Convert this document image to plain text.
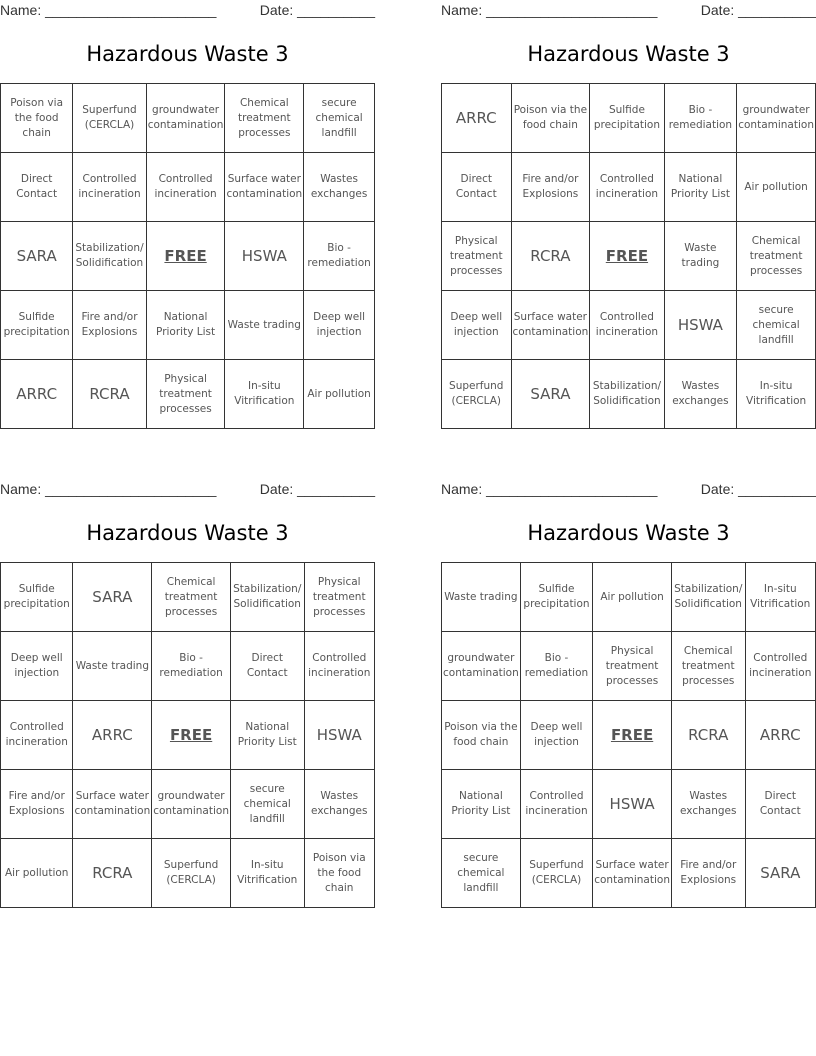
Name: ______________________	Date: __________
Hazardous Waste 3
Poison via the food chain	Superfund (CERCLA)	groundwater contamination	Chemical treatment processes	secure chemical landfill
Direct Contact	Controlled incineration	Controlled incineration	Surface water contamination	Wastes exchanges
SARA	Stabilization/ Solidification	FREE	HSWA	Bio - remediation
Sulfide precipitation	Fire and/or Explosions	National Priority List	Waste trading	Deep well injection
ARRC	RCRA	Physical treatment processes	In-situ Vitrification	Air pollution
Name: ______________________	Date: __________
Hazardous Waste 3
ARRC	Poison via the food chain	Sulfide precipitation	Bio - remediation	groundwater contamination
Direct Contact	Fire and/or Explosions	Controlled incineration	National Priority List	Air pollution
Physical treatment processes	RCRA	FREE	Waste trading	Chemical treatment processes
Deep well injection	Surface water contamination	Controlled incineration	HSWA	secure chemical landfill
Superfund (CERCLA)	SARA	Stabilization/ Solidification	Wastes exchanges	In-situ Vitrification
Name: ______________________	Date: __________
Hazardous Waste 3
Sulfide precipitation	SARA	Chemical treatment processes	Stabilization/ Solidification	Physical treatment processes
Deep well injection	Waste trading	Bio - remediation	Direct Contact	Controlled incineration
Controlled incineration	ARRC	FREE	National Priority List	HSWA
Fire and/or Explosions	Surface water contamination	groundwater contamination	secure chemical landfill	Wastes exchanges
Air pollution	RCRA	Superfund (CERCLA)	In-situ Vitrification	Poison via the food chain
Name: ______________________	Date: __________
Hazardous Waste 3
Waste trading	Sulfide precipitation	Air pollution	Stabilization/ Solidification	In-situ Vitrification
groundwater contamination	Bio - remediation	Physical treatment processes	Chemical treatment processes	Controlled incineration
Poison via the food chain	Deep well injection	FREE	RCRA	ARRC
National Priority List	Controlled incineration	HSWA	Wastes exchanges	Direct Contact
secure chemical landfill	Superfund (CERCLA)	Surface water contamination	Fire and/or Explosions	SARA
